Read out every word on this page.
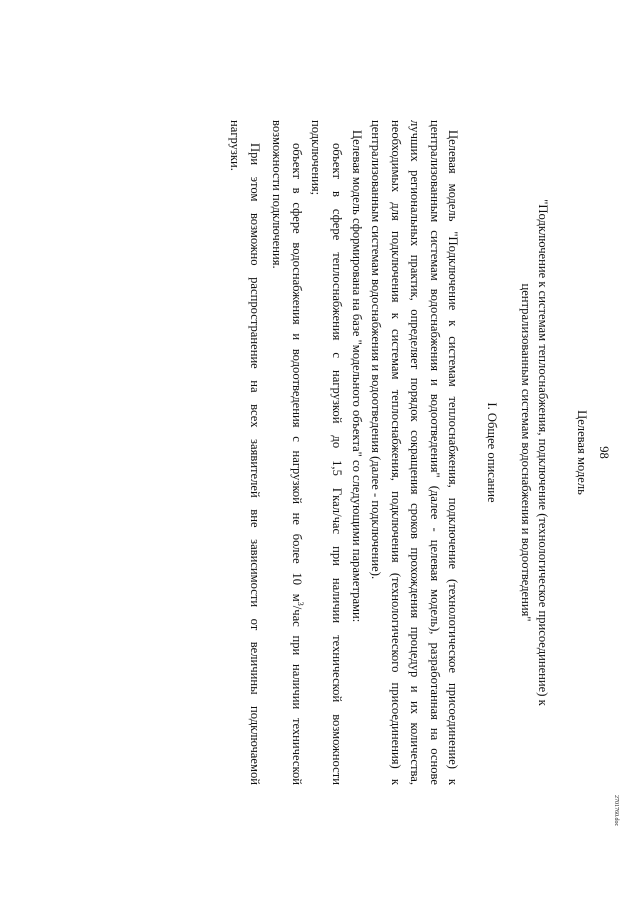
2701760.doc
98
Целевая модель
"Подключение к системам теплоснабжения, подключение (технологическое присоединение) к
централизованным системам водоснабжения и водоотведения"
I. Общее описание
Целевая модель "Подключение к системам теплоснабжения, подключение (технологическое присоединение) к
централизованным системам водоснабжения и водоотведения" (далее - целевая модель), разработанная на основе
лучших региональных практик, определяет порядок сокращения сроков прохождения процедур и их количества,
необходимых для подключения к системам теплоснабжения, подключения (технологического присоединения) к
централизованным системам водоснабжения и водоотведения (далее - подключение).
Целевая модель сформирована на базе "модельного объекта" со следующими параметрами:
объект в сфере теплоснабжения с нагрузкой до 1,5 Гкал/час при наличии технической возможности
подключения;
объект в сфере водоснабжения и водоотведения с нагрузкой не более 10 $м^3$/час при наличии технической
возможности подключения.
При этом возможно распространение на всех заявителей вне зависимости от величины подключаемой
нагрузки.
